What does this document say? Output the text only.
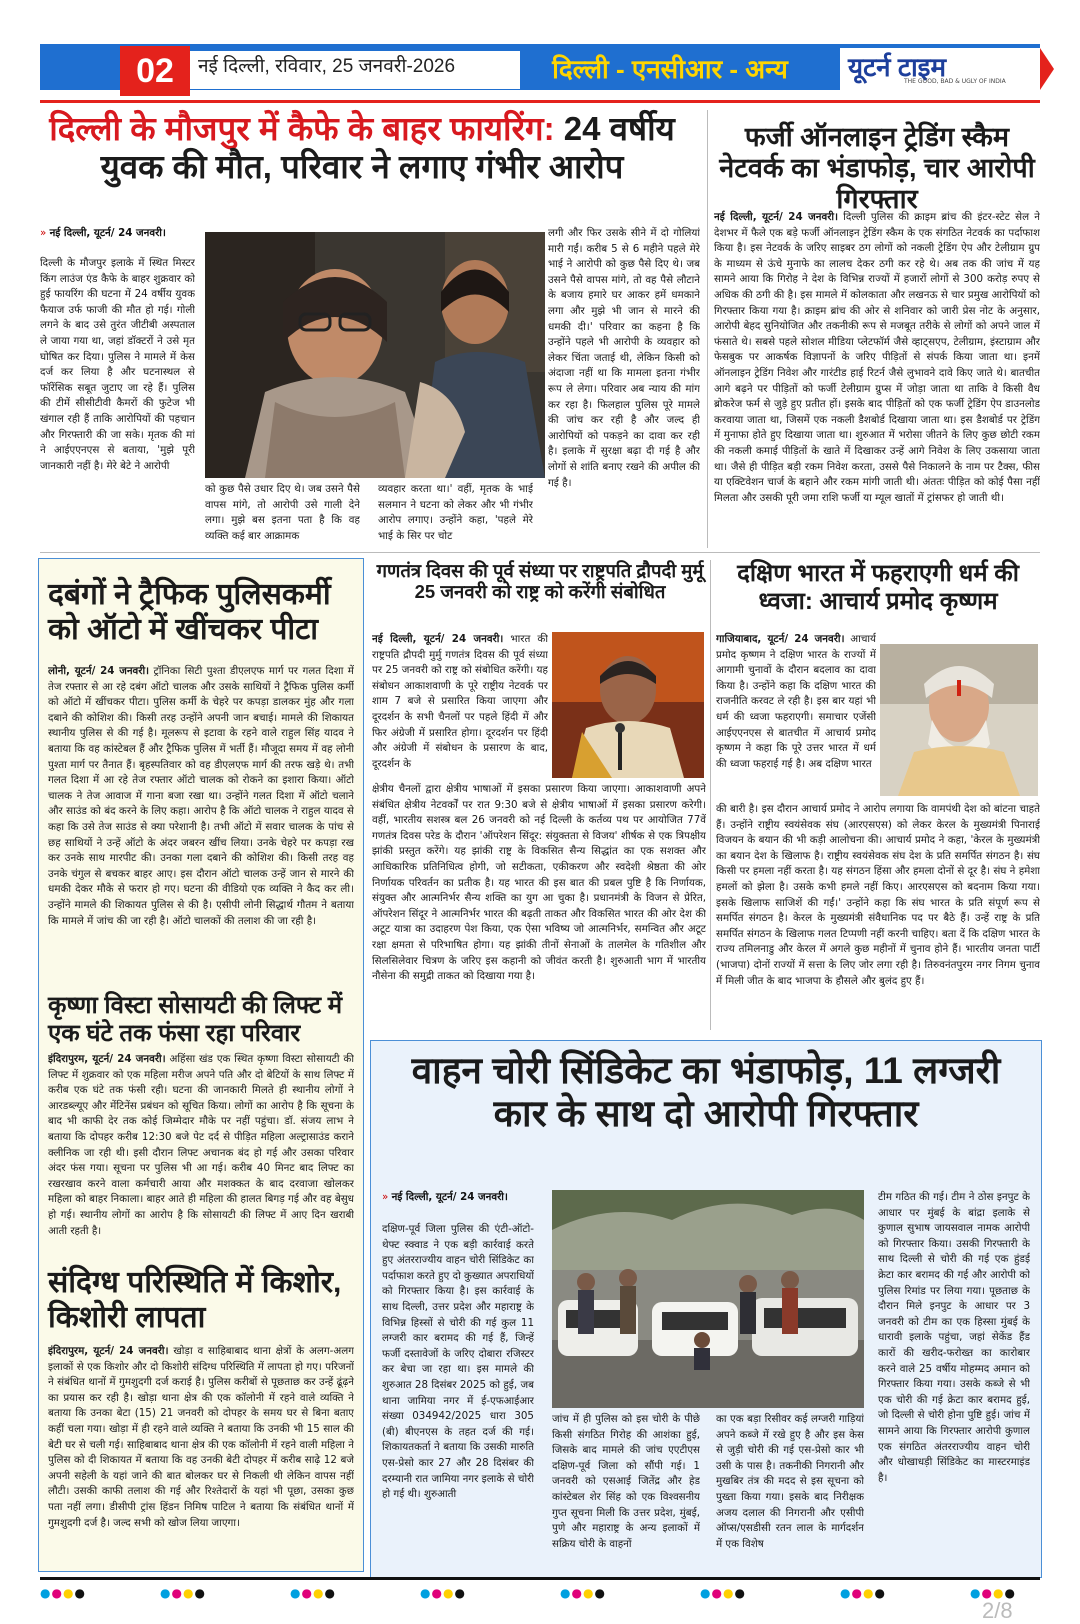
02	नई दिल्ली, रविवार, 25 जनवरी-2026	दिल्ली - एनसीआर - अन्य	यूटर्न टाइम
THE GOOD, BAD & UGLY OF INDIA
दिल्ली के मौजपुर में कैफे के बाहर फायरिंग: 24 वर्षीय युवक की मौत, परिवार ने लगाए गंभीर आरोप
» नई दिल्ली, यूटर्न/ 24 जनवरी।
दिल्ली के मौजपुर इलाके में स्थित मिस्टर किंग लाउंज एंड कैफे के बाहर शुक्रवार को हुई फायरिंग की घटना में 24 वर्षीय युवक फैयाज उर्फ फाजी की मौत हो गई। गोली लगने के बाद उसे तुरंत जीटीबी अस्पताल ले जाया गया था, जहां डॉक्टरों ने उसे मृत घोषित कर दिया। पुलिस ने मामले में केस दर्ज कर लिया है और घटनास्थल से फॉरेंसिक सबूत जुटाए जा रहे हैं। पुलिस की टीमें सीसीटीवी कैमरों की फुटेज भी खंगाल रही हैं ताकि आरोपियों की पहचान और गिरफ्तारी की जा सके। मृतक की मां ने आईएएनएस से बताया, 'मुझे पूरी जानकारी नहीं है। मेरे बेटे ने आरोपी
को कुछ पैसे उधार दिए थे। जब उसने पैसे वापस मांगे, तो आरोपी उसे गाली देने लगा। मुझे बस इतना पता है कि वह व्यक्ति कई बार आक्रामक
व्यवहार करता था।' वहीं, मृतक के भाई सलमान ने घटना को लेकर और भी गंभीर आरोप लगाए। उन्होंने कहा, 'पहले मेरे भाई के सिर पर चोट
लगी और फिर उसके सीने में दो गोलियां मारी गईं। करीब 5 से 6 महीने पहले मेरे भाई ने आरोपी को कुछ पैसे दिए थे। जब उसने पैसे वापस मांगे, तो वह पैसे लौटाने के बजाय हमारे घर आकर हमें धमकाने लगा और मुझे भी जान से मारने की धमकी दी।' परिवार का कहना है कि उन्होंने पहले भी आरोपी के व्यवहार को लेकर चिंता जताई थी, लेकिन किसी को अंदाजा नहीं था कि मामला इतना गंभीर रूप ले लेगा। परिवार अब न्याय की मांग कर रहा है। फिलहाल पुलिस पूरे मामले की जांच कर रही है और जल्द ही आरोपियों को पकड़ने का दावा कर रही है। इलाके में सुरक्षा बढ़ा दी गई है और लोगों से शांति बनाए रखने की अपील की गई है।
फर्जी ऑनलाइन ट्रेडिंग स्कैम नेटवर्क का भंडाफोड़, चार आरोपी गिरफ्तार
नई दिल्ली, यूटर्न/ 24 जनवरी। दिल्ली पुलिस की क्राइम ब्रांच की इंटर-स्टेट सेल ने देशभर में फैले एक बड़े फर्जी ऑनलाइन ट्रेडिंग स्कैम के एक संगठित नेटवर्क का पर्दाफाश किया है। इस नेटवर्क के जरिए साइबर ठग लोगों को नकली ट्रेडिंग ऐप और टेलीग्राम ग्रुप के माध्यम से ऊंचे मुनाफे का लालच देकर ठगी कर रहे थे। अब तक की जांच में यह सामने आया कि गिरोह ने देश के विभिन्न राज्यों में हजारों लोगों से 300 करोड़ रुपए से अधिक की ठगी की है। इस मामले में कोलकाता और लखनऊ से चार प्रमुख आरोपियों को गिरफ्तार किया गया है। क्राइम ब्रांच की ओर से शनिवार को जारी प्रेस नोट के अनुसार, आरोपी बेहद सुनियोजित और तकनीकी रूप से मजबूत तरीके से लोगों को अपने जाल में फंसाते थे। सबसे पहले सोशल मीडिया प्लेटफॉर्म जैसे व्हाट्सएप, टेलीग्राम, इंस्टाग्राम और फेसबुक पर आकर्षक विज्ञापनों के जरिए पीड़ितों से संपर्क किया जाता था। इनमें ऑनलाइन ट्रेडिंग निवेश और गारंटीड हाई रिटर्न जैसे लुभावने दावे किए जाते थे। बातचीत आगे बढ़ने पर पीड़ितों को फर्जी टेलीग्राम ग्रुप्स में जोड़ा जाता था ताकि वे किसी वैध ब्रोकरेज फर्म से जुड़े हुए प्रतीत हों। इसके बाद पीड़ितों को एक फर्जी ट्रेडिंग ऐप डाउनलोड करवाया जाता था, जिसमें एक नकली डैशबोर्ड दिखाया जाता था। इस डैशबोर्ड पर ट्रेडिंग में मुनाफा होते हुए दिखाया जाता था। शुरुआत में भरोसा जीतने के लिए कुछ छोटी रकम की नकली कमाई पीड़ितों के खाते में दिखाकर उन्हें आगे निवेश के लिए उकसाया जाता था। जैसे ही पीड़ित बड़ी रकम निवेश करता, उससे पैसे निकालने के नाम पर टैक्स, फीस या एक्टिवेशन चार्ज के बहाने और रकम मांगी जाती थी। अंततः पीड़ित को कोई पैसा नहीं मिलता और उसकी पूरी जमा राशि फर्जी या म्यूल खातों में ट्रांसफर हो जाती थी।
दबंगों ने ट्रैफिक पुलिसकर्मी को ऑटो में खींचकर पीटा
लोनी, यूटर्न/ 24 जनवरी। ट्रॉनिका सिटी पुश्ता डीएलएफ मार्ग पर गलत दिशा में तेज रफ्तार से आ रहे दबंग ऑटो चालक और उसके साथियों ने ट्रैफिक पुलिस कर्मी को ऑटो में खींचकर पीटा। पुलिस कर्मी के चेहरे पर कपड़ा डालकर मुंह और गला दबाने की कोशिश की। किसी तरह उन्होंने अपनी जान बचाई। मामले की शिकायत स्थानीय पुलिस से की गई है। मूलरूप से इटावा के रहने वाले राहुल सिंह यादव ने बताया कि वह कांस्टेबल हैं और ट्रैफिक पुलिस में भर्ती हैं। मौजूदा समय में वह लोनी पुश्ता मार्ग पर तैनात हैं। बृहस्पतिवार को वह डीएलएफ मार्ग की तरफ खड़े थे। तभी गलत दिशा में आ रहे तेज रफ्तार ऑटो चालक को रोकने का इशारा किया। ऑटो चालक ने तेज आवाज में गाना बजा रखा था। उन्होंने गलत दिशा में ऑटो चलाने और साउंड को बंद करने के लिए कहा। आरोप है कि ऑटो चालक ने राहुल यादव से कहा कि उसे तेज साउंड से क्या परेशानी है। तभी ऑटो में सवार चालक के पांच से छह साथियों ने उन्हें ऑटो के अंदर जबरन खींच लिया। उनके चेहरे पर कपड़ा रख कर उनके साथ मारपीट की। उनका गला दबाने की कोशिश की। किसी तरह वह उनके चंगुल से बचकर बाहर आए। इस दौरान ऑटो चालक उन्हें जान से मारने की धमकी देकर मौके से फरार हो गए। घटना की वीडियो एक व्यक्ति ने कैद कर ली। उन्होंने मामले की शिकायत पुलिस से की है। एसीपी लोनी सिद्धार्थ गौतम ने बताया कि मामले में जांच की जा रही है। ऑटो चालकों की तलाश की जा रही है।
कृष्णा विस्टा सोसायटी की लिफ्ट में एक घंटे तक फंसा रहा परिवार
इंदिरापुरम, यूटर्न/ 24 जनवरी। अहिंसा खंड एक स्थित कृष्णा विस्टा सोसायटी की लिफ्ट में शुक्रवार को एक महिला मरीज अपने पति और दो बेटियों के साथ लिफ्ट में करीब एक घंटे तक फंसी रही। घटना की जानकारी मिलते ही स्थानीय लोगों ने आरडब्ल्यूए और मेंटिनेंस प्रबंधन को सूचित किया। लोगों का आरोप है कि सूचना के बाद भी काफी देर तक कोई जिम्मेदार मौके पर नहीं पहुंचा। डॉ. संजय लाभ ने बताया कि दोपहर करीब 12:30 बजे पेट दर्द से पीड़ित महिला अल्ट्रासाउंड कराने क्लीनिक जा रही थी। इसी दौरान लिफ्ट अचानक बंद हो गई और उसका परिवार अंदर फंस गया। सूचना पर पुलिस भी आ गई। करीब 40 मिनट बाद लिफ्ट का रखरखाव करने वाला कर्मचारी आया और मशक्कत के बाद दरवाजा खोलकर महिला को बाहर निकाला। बाहर आते ही महिला की हालत बिगड़ गई और वह बेसुध हो गई। स्थानीय लोगों का आरोप है कि सोसायटी की लिफ्ट में आए दिन खराबी आती रहती है।
संदिग्ध परिस्थिति में किशोर, किशोरी लापता
इंदिरापुरम, यूटर्न/ 24 जनवरी। खोड़ा व साहिबाबाद थाना क्षेत्रों के अलग-अलग इलाकों से एक किशोर और दो किशोरी संदिग्ध परिस्थिति में लापता हो गए। परिजनों ने संबंधित थानों में गुमशुदगी दर्ज कराई है। पुलिस करीबों से पूछताछ कर उन्हें ढूंढ़ने का प्रयास कर रही है। खोड़ा थाना क्षेत्र की एक कॉलोनी में रहने वाले व्यक्ति ने बताया कि उनका बेटा (15) 21 जनवरी को दोपहर के समय घर से बिना बताए कहीं चला गया। खोड़ा में ही रहने वाले व्यक्ति ने बताया कि उनकी भी 15 साल की बेटी घर से चली गई। साहिबाबाद थाना क्षेत्र की एक कॉलोनी में रहने वाली महिला ने पुलिस को दी शिकायत में बताया कि वह उनकी बेटी दोपहर में करीब साढ़े 12 बजे अपनी सहेली के यहां जाने की बात बोलकर घर से निकली थी लेकिन वापस नहीं लौटी। उसकी काफी तलाश की गई और रिश्तेदारों के यहां भी पूछा, उसका कुछ पता नहीं लगा। डीसीपी ट्रांस हिंडन निमिष पाटिल ने बताया कि संबंधित थानों में गुमशुदगी दर्ज है। जल्द सभी को खोज लिया जाएगा।
गणतंत्र दिवस की पूर्व संध्या पर राष्ट्रपति द्रौपदी मुर्मू 25 जनवरी को राष्ट्र को करेंगी संबोधित
नई दिल्ली, यूटर्न/ 24 जनवरी। भारत की राष्ट्रपति द्रौपदी मुर्मु गणतंत्र दिवस की पूर्व संध्या पर 25 जनवरी को राष्ट्र को संबोधित करेंगी। यह संबोधन आकाशवाणी के पूरे राष्ट्रीय नेटवर्क पर शाम 7 बजे से प्रसारित किया जाएगा और दूरदर्शन के सभी चैनलों पर पहले हिंदी में और फिर अंग्रेजी में प्रसारित होगा। दूरदर्शन पर हिंदी और अंग्रेजी में संबोधन के प्रसारण के बाद, दूरदर्शन के
क्षेत्रीय चैनलों द्वारा क्षेत्रीय भाषाओं में इसका प्रसारण किया जाएगा। आकाशवाणी अपने संबंधित क्षेत्रीय नेटवर्कों पर रात 9:30 बजे से क्षेत्रीय भाषाओं में इसका प्रसारण करेगी। वहीं, भारतीय सशस्त्र बल 26 जनवरी को नई दिल्ली के कर्तव्य पथ पर आयोजित 77वें गणतंत्र दिवस परेड के दौरान 'ऑपरेशन सिंदूर: संयुक्तता से विजय' शीर्षक से एक त्रिपक्षीय झांकी प्रस्तुत करेंगे। यह झांकी राष्ट्र के विकसित सैन्य सिद्धांत का एक सशक्त और आधिकारिक प्रतिनिधित्व होगी, जो सटीकता, एकीकरण और स्वदेशी श्रेष्ठता की ओर निर्णायक परिवर्तन का प्रतीक है। यह भारत की इस बात की प्रबल पुष्टि है कि निर्णायक, संयुक्त और आत्मनिर्भर सैन्य शक्ति का युग आ चुका है। प्रधानमंत्री के विजन से प्रेरित, ऑपरेशन सिंदूर ने आत्मनिर्भर भारत की बढ़ती ताकत और विकसित भारत की ओर देश की अटूट यात्रा का उदाहरण पेश किया, एक ऐसा भविष्य जो आत्मनिर्भर, समन्वित और अटूट रक्षा क्षमता से परिभाषित होगा। यह झांकी तीनों सेनाओं के तालमेल के गतिशील और सिलसिलेवार चित्रण के जरिए इस कहानी को जीवंत करती है। शुरुआती भाग में भारतीय नौसेना की समुद्री ताकत को दिखाया गया है।
दक्षिण भारत में फहराएगी धर्म की ध्वजा: आचार्य प्रमोद कृष्णम
गाजियाबाद, यूटर्न/ 24 जनवरी। आचार्य प्रमोद कृष्णम ने दक्षिण भारत के राज्यों में आगामी चुनावों के दौरान बदलाव का दावा किया है। उन्होंने कहा कि दक्षिण भारत की राजनीति करवट ले रही है। इस बार यहां भी धर्म की ध्वजा फहराएगी। समाचार एजेंसी आईएएनएस से बातचीत में आचार्य प्रमोद कृष्णम ने कहा कि पूरे उत्तर भारत में धर्म की ध्वजा फहराई गई है। अब दक्षिण भारत
की बारी है। इस दौरान आचार्य प्रमोद ने आरोप लगाया कि वामपंथी देश को बांटना चाहते हैं। उन्होंने राष्ट्रीय स्वयंसेवक संघ (आरएसएस) को लेकर केरल के मुख्यमंत्री पिनाराई विजयन के बयान की भी कड़ी आलोचना की। आचार्य प्रमोद ने कहा, 'केरल के मुख्यमंत्री का बयान देश के खिलाफ है। राष्ट्रीय स्वयंसेवक संघ देश के प्रति समर्पित संगठन है। संघ किसी पर हमला नहीं करता है। यह संगठन हिंसा और हमला दोनों से दूर है। संघ ने हमेशा हमलों को झेला है। उसके कभी हमले नहीं किए। आरएसएस को बदनाम किया गया। इसके खिलाफ साजिशें की गईं।' उन्होंने कहा कि संघ भारत के प्रति संपूर्ण रूप से समर्पित संगठन है। केरल के मुख्यमंत्री संवैधानिक पद पर बैठे हैं। उन्हें राष्ट्र के प्रति समर्पित संगठन के खिलाफ गलत टिप्पणी नहीं करनी चाहिए। बता दें कि दक्षिण भारत के राज्य तमिलनाडु और केरल में अगले कुछ महीनों में चुनाव होने हैं। भारतीय जनता पार्टी (भाजपा) दोनों राज्यों में सत्ता के लिए जोर लगा रही है। तिरुवनंतपुरम नगर निगम चुनाव में मिली जीत के बाद भाजपा के हौसले और बुलंद हुए हैं।
वाहन चोरी सिंडिकेट का भंडाफोड़, 11 लग्जरी कार के साथ दो आरोपी गिरफ्तार
» नई दिल्ली, यूटर्न/ 24 जनवरी।
दक्षिण-पूर्व जिला पुलिस की एंटी-ऑटो-थेफ्ट स्क्वाड ने एक बड़ी कार्रवाई करते हुए अंतरराज्यीय वाहन चोरी सिंडिकेट का पर्दाफाश करते हुए दो कुख्यात अपराधियों को गिरफ्तार किया है। इस कार्रवाई के साथ दिल्ली, उत्तर प्रदेश और महाराष्ट्र के विभिन्न हिस्सों से चोरी की गई कुल 11 लग्जरी कार बरामद की गई हैं, जिन्हें फर्जी दस्तावेजों के जरिए दोबारा रजिस्टर कर बेचा जा रहा था। इस मामले की शुरुआत 28 दिसंबर 2025 को हुई, जब थाना जामिया नगर में ई-एफआईआर संख्या 034942/2025 धारा 305 (बी) बीएनएस के तहत दर्ज की गई। शिकायतकर्ता ने बताया कि उसकी मारुति एस-प्रेसो कार 27 और 28 दिसंबर की दरम्यानी रात जामिया नगर इलाके से चोरी हो गई थी। शुरुआती
जांच में ही पुलिस को इस चोरी के पीछे किसी संगठित गिरोह की आशंका हुई, जिसके बाद मामले की जांच एएटीएस दक्षिण-पूर्व जिला को सौंपी गई। 1 जनवरी को एसआई जितेंद्र और हेड कांस्टेबल शेर सिंह को एक विश्वसनीय गुप्त सूचना मिली कि उत्तर प्रदेश, मुंबई, पुणे और महाराष्ट्र के अन्य इलाकों में सक्रिय चोरी के वाहनों
का एक बड़ा रिसीवर कई लग्जरी गाड़ियां अपने कब्जे में रखे हुए है और इस केस से जुड़ी चोरी की गई एस-प्रेसो कार भी उसी के पास है। तकनीकी निगरानी और मुखबिर तंत्र की मदद से इस सूचना को पुख्ता किया गया। इसके बाद निरीक्षक अजय दलाल की निगरानी और एसीपी ऑप्स/एसडीसी रतन लाल के मार्गदर्शन में एक विशेष
टीम गठित की गई। टीम ने ठोस इनपुट के आधार पर मुंबई के बांद्रा इलाके से कुणाल सुभाष जायसवाल नामक आरोपी को गिरफ्तार किया। उसकी गिरफ्तारी के साथ दिल्ली से चोरी की गई एक हुंडई क्रेटा कार बरामद की गई और आरोपी को पुलिस रिमांड पर लिया गया। पूछताछ के दौरान मिले इनपुट के आधार पर 3 जनवरी को टीम का एक हिस्सा मुंबई के धारावी इलाके पहुंचा, जहां सेकेंड हैंड कारों की खरीद-फरोख्त का कारोबार करने वाले 25 वर्षीय मोहम्मद अमान को गिरफ्तार किया गया। उसके कब्जे से भी एक चोरी की गई क्रेटा कार बरामद हुई, जो दिल्ली से चोरी होना पुष्टि हुई। जांच में सामने आया कि गिरफ्तार आरोपी कुणाल एक संगठित अंतरराज्यीय वाहन चोरी और धोखाधड़ी सिंडिकेट का मास्टरमाइंड है।
●●●●	●●●●	●●●●	●●●●	●●●●	●●●●	●●●●	●●●●
2/8
